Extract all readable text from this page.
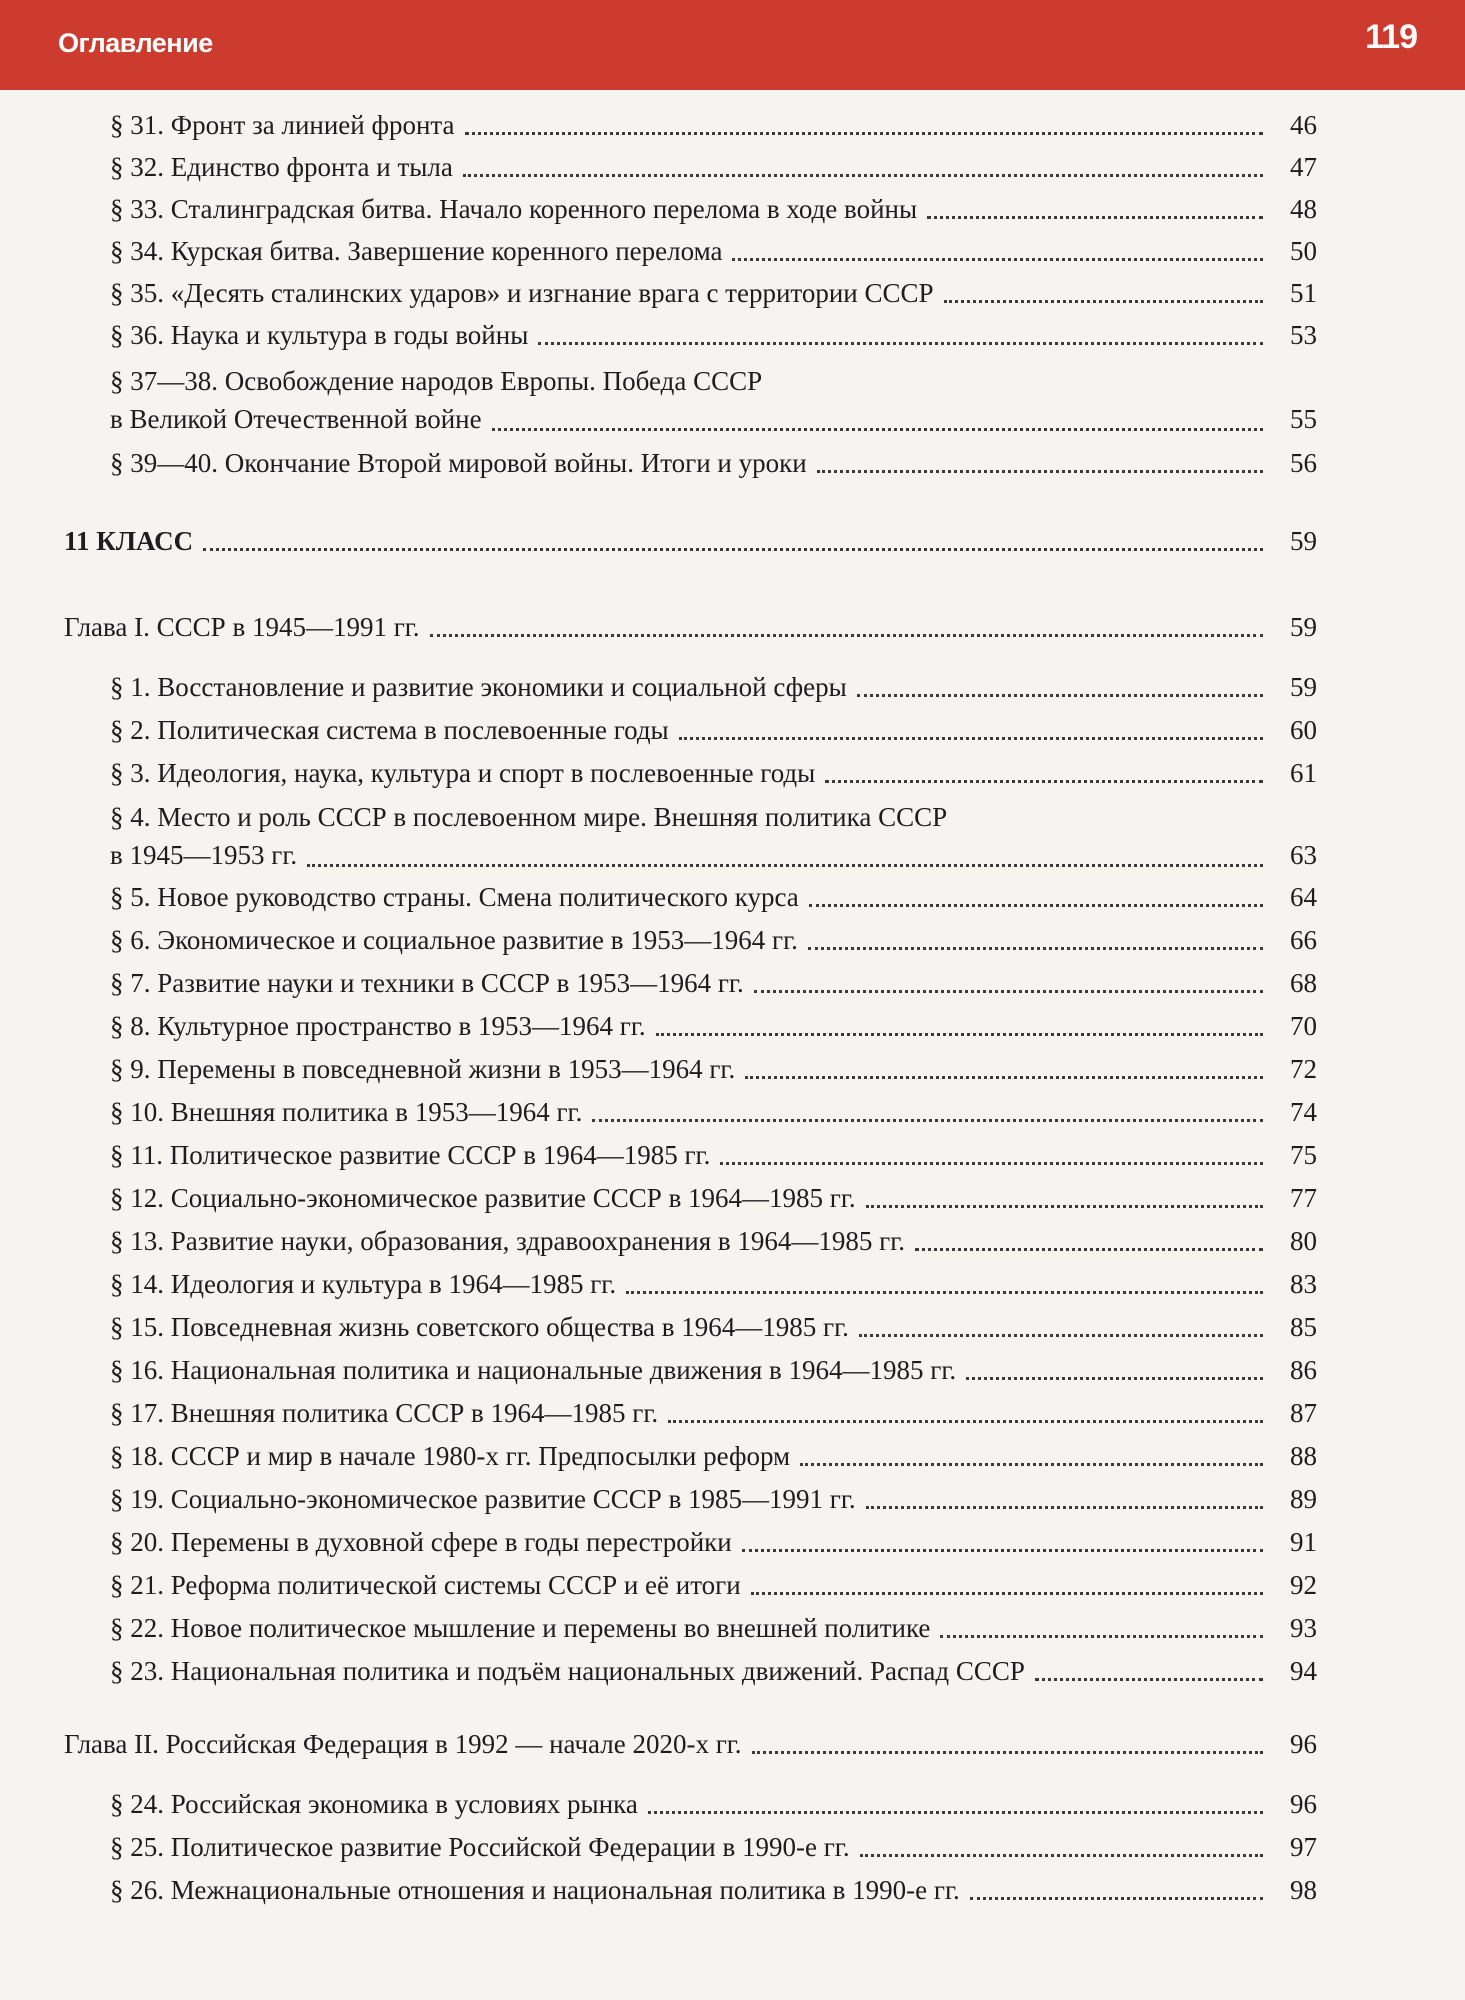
Оглавление	119
§ 31. Фронт за линией фронта	46
§ 32. Единство фронта и тыла	47
§ 33. Сталинградская битва. Начало коренного перелома в ходе войны	48
§ 34. Курская битва. Завершение коренного перелома	50
§ 35. «Десять сталинских ударов» и изгнание врага с территории СССР	51
§ 36. Наука и культура в годы войны	53
§ 37—38. Освобождение народов Европы. Победа СССР
в Великой Отечественной войне	55
§ 39—40. Окончание Второй мировой войны. Итоги и уроки	56
11 КЛАСС	59
Глава I. СССР в 1945—1991 гг.	59
§ 1. Восстановление и развитие экономики и социальной сферы	59
§ 2. Политическая система в послевоенные годы	60
§ 3. Идеология, наука, культура и спорт в послевоенные годы	61
§ 4. Место и роль СССР в послевоенном мире. Внешняя политика СССР
в 1945—1953 гг.	63
§ 5. Новое руководство страны. Смена политического курса	64
§ 6. Экономическое и социальное развитие в 1953—1964 гг.	66
§ 7. Развитие науки и техники в СССР в 1953—1964 гг.	68
§ 8. Культурное пространство в 1953—1964 гг.	70
§ 9. Перемены в повседневной жизни в 1953—1964 гг.	72
§ 10. Внешняя политика в 1953—1964 гг.	74
§ 11. Политическое развитие СССР в 1964—1985 гг.	75
§ 12. Социально-экономическое развитие СССР в 1964—1985 гг.	77
§ 13. Развитие науки, образования, здравоохранения в 1964—1985 гг.	80
§ 14. Идеология и культура в 1964—1985 гг.	83
§ 15. Повседневная жизнь советского общества в 1964—1985 гг.	85
§ 16. Национальная политика и национальные движения в 1964—1985 гг.	86
§ 17. Внешняя политика СССР в 1964—1985 гг.	87
§ 18. СССР и мир в начале 1980-х гг. Предпосылки реформ	88
§ 19. Социально-экономическое развитие СССР в 1985—1991 гг.	89
§ 20. Перемены в духовной сфере в годы перестройки	91
§ 21. Реформа политической системы СССР и её итоги	92
§ 22. Новое политическое мышление и перемены во внешней политике	93
§ 23. Национальная политика и подъём национальных движений. Распад СССР	94
Глава II. Российская Федерация в 1992 — начале 2020-х гг.	96
§ 24. Российская экономика в условиях рынка	96
§ 25. Политическое развитие Российской Федерации в 1990-е гг.	97
§ 26. Межнациональные отношения и национальная политика в 1990-е гг.	98
